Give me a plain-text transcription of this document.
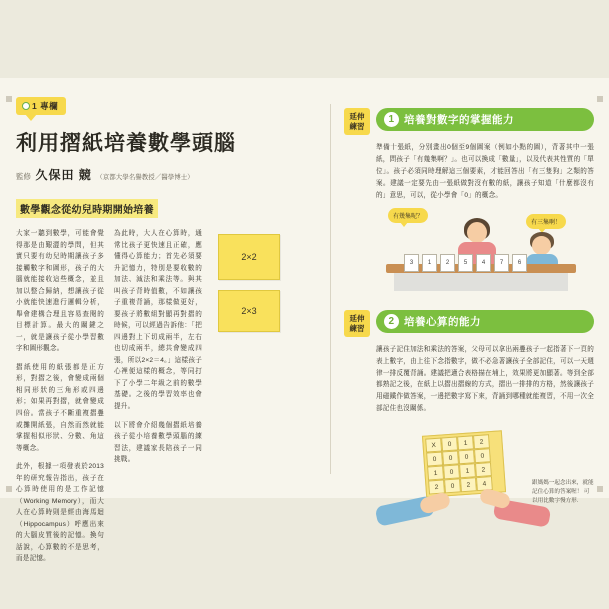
1 專欄
利用摺紙培養數學頭腦
監修 久保田 競 （京都大學名譽教授／醫學博士）
數學觀念從幼兒時期開始培養

大家一聽到數學，可能會覺得那是由艱澀的學問，但其實只要有幼兒時期讓孩子多接觸數字和圖形，孩子的大腦就能接收這些概念，並且加以整合歸納，想讓孩子從小就能快速進行邏輯分析，舉會建構合理且容易查閱的目標計算。最大的關鍵之一，就是讓孩子從小學習數字和圖形觀念。

摺紙使用的紙張都是正方形，對摺之後，會變成兩個相同形狀的三角形或四邊形；如果再對摺，就會變成四倍。當孩子不斷重複摺疊或攤開紙張，自然而然就能掌握相似形狀、分數、角這等概念。

此外，根據一項發表於2013年的研究報告指出，孩子在心算時使用的是工作記憶（Working Memory），而大人在心算時則是經由海馬迴（Hippocampus）呼應出來的大腦皮質後的記憶。換句話說，心算數的不是思考，而是記憶。

為此時，大人在心算時，通常比孩子更快速且正確，應懂得心算能力；首先必須要升記憶力，特別是要收數的加法、減法和乘法等。與其叫孩子背時值數，不如讓孩子重複背誦，那樣做更好，要孩子將數組對顯再對摺的時候，可以經過告訴他：「把四邊對上下切成兩半，左右也切成兩半，總共會變成四張，所以2×2＝4。」這樣孩子心裡便這樣的概念，等同打下了小學二年級之前的數學基礎。之後的學習效率也會提升。

以下將會介紹幾個摺紙培養孩子從小培養數學頭腦的練習法，建議家長陪孩子一同挑戰。

2×2
2×3
延伸
練習
1 培養對數字的掌握能力
準備十張紙，分別畫出0個至9個圖案（例如小點的圖），背著其中一張紙，問孩子「有幾集啊？」。也可以換成「數量」，以及代表其性質的「單位」。孩子必須同時理解這三個要素，才能回答出「有三隻狗」之類的答案。建議一定要先由一張紙做對沒有數的紙，讓孩子知道「什麼都沒有的」意思，可以，從小學會「0」的概念。
有幾集呢？
有三集啊！
3	1	2	5	4	7	6
延伸
練習
2 培養心算的能力
讓孩子記住加法和乘法的答案，父母可以拿出兩疊孩子一起指著下一頁的表上數字，由上往下念指數字，做不必急著讓孩子全部記住，可以一天週律一排反覆背誦。建議把適合表格描在埔上，效果將更加顯著。等到全部都熟記之後，在紙上以摺出摺線的方式，摺出一排排的方格，然後讓孩子用磁鐵作做答案，一邊把數字寫下來，背誦到哪種就能複習，不用一次全部記住也沒關係。
X	0	1	2
0	0	0	0
1	0	1	2
2	0	2	4	跟媽媽一起念出來，就能記住心算的答案喔！ 可以用比數字慢方形.
